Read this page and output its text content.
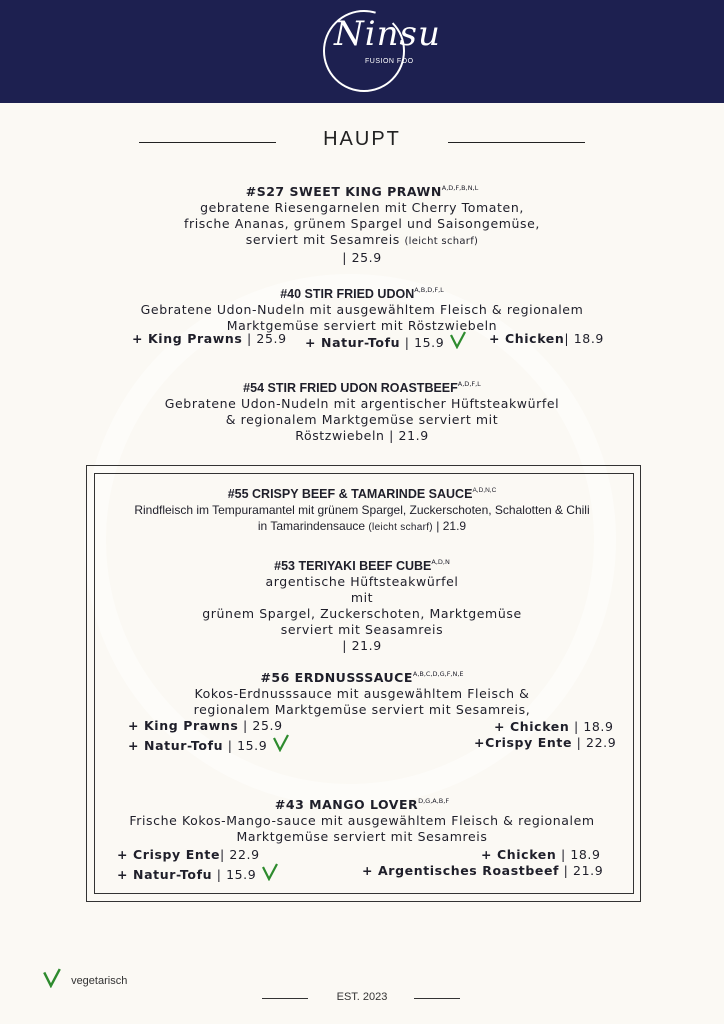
Ninsu
FUSION FOO
HAUPT
#S27 SWEET KING $PRAWN^{A,D,F,B,N,L}$
gebratene Riesengarnelen mit Cherry Tomaten,
frische Ananas, grünem Spargel und Saisongemüse,
serviert mit Sesamreis (leicht scharf)
| 25.9
#40 STIR FRIED $UDON^{A,B,D,F,L}$
Gebratene Udon-Nudeln mit ausgewähltem Fleisch & regionalem
Marktgemüse serviert mit Röstzwiebeln
+ King Prawns | 25.9 + Natur-Tofu | 15.9	+ Chicken| 18.9
#54 STIR FRIED UDON $ROASTBEEF^{A,D,F,L}$
Gebratene Udon-Nudeln mit argentischer Hüftsteakwürfel
& regionalem Marktgemüse serviert mit
Röstzwiebeln | 21.9
#55 CRISPY BEEF & TAMARINDE $SAUCE^{A,D,N,C}$
Rindfleisch im Tempuramantel mit grünem Spargel, Zuckerschoten, Schalotten & Chili
in Tamarindensauce (leicht scharf) | 21.9
#53 TERIYAKI BEEF $CUBE^{A,D,N}$
argentische Hüftsteakwürfel
mit
grünem Spargel, Zuckerschoten, Marktgemüse
serviert mit Seasamreis
| 21.9
#56 $ERDNUSSSAUCE^{A,B,C,D,G,F,N,E}$
Kokos-Erdnusssauce mit ausgewähltem Fleisch &
regionalem Marktgemüse serviert mit Sesamreis,
+ King Prawns | 25.9	+ Chicken | 18.9
+ Natur-Tofu | 15.9	+Crispy Ente | 22.9
#43 MANGO $LOVER^{D,G,A,B,F}$
Frische Kokos-Mango-sauce mit ausgewähltem Fleisch & regionalem
Marktgemüse serviert mit Sesamreis
+ Crispy Ente| 22.9	+ Chicken | 18.9
+ Natur-Tofu | 15.9	+ Argentisches Roastbeef | 21.9
vegetarisch
EST. 2023
